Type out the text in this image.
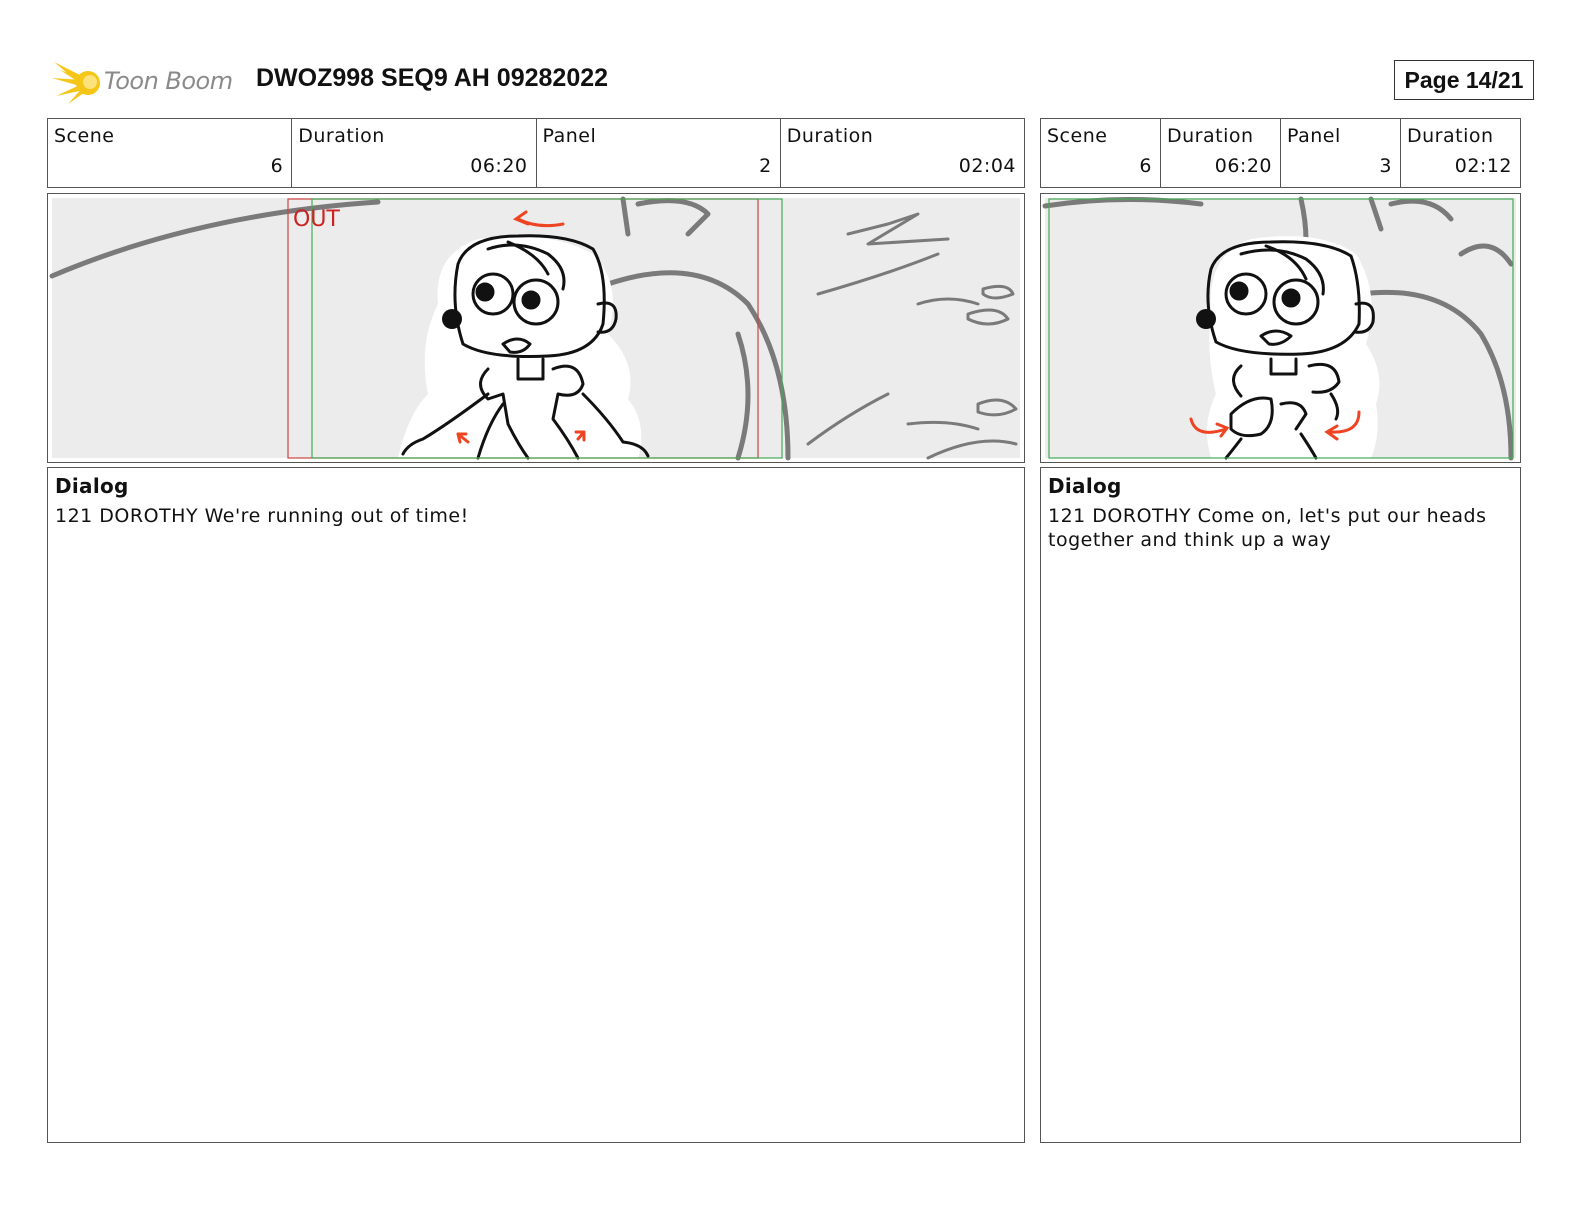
Toon Boom DWOZ998 SEQ9 AH 09282022	Page 14/21
Scene
6
Duration
06:20
Panel
2
Duration
02:04
Scene
6
Duration
06:20
Panel
3
Duration
02:12
OUT
Dialog
121 DOROTHY We're running out of time!
Dialog
121 DOROTHY Come on, let's put our heads together and think up a way
